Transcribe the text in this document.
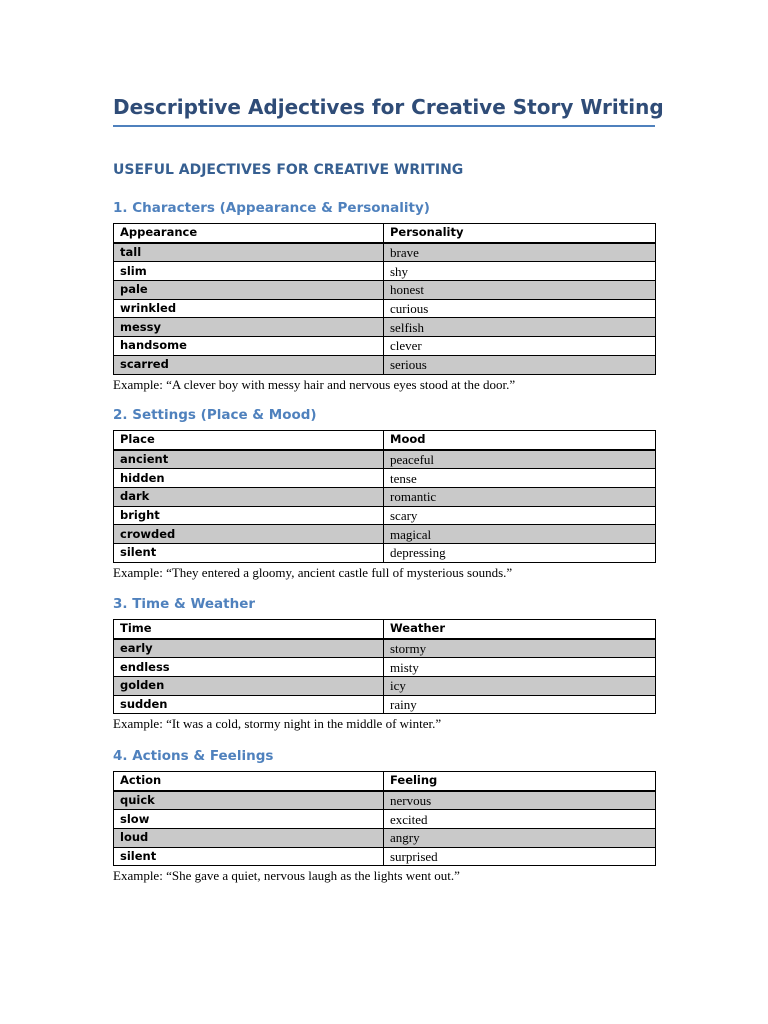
Descriptive Adjectives for Creative Story Writing
USEFUL ADJECTIVES FOR CREATIVE WRITING
1. Characters (Appearance & Personality)
Appearance	Personality
tall	brave
slim	shy
pale	honest
wrinkled	curious
messy	selfish
handsome	clever
scarred	serious

Example: “A clever boy with messy hair and nervous eyes stood at the door.”

2. Settings (Place & Mood)
Place	Mood
ancient	peaceful
hidden	tense
dark	romantic
bright	scary
crowded	magical
silent	depressing

Example: “They entered a gloomy, ancient castle full of mysterious sounds.”

3. Time & Weather
Time	Weather
early	stormy
endless	misty
golden	icy
sudden	rainy

Example: “It was a cold, stormy night in the middle of winter.”

4. Actions & Feelings
Action	Feeling
quick	nervous
slow	excited
loud	angry
silent	surprised

Example: “She gave a quiet, nervous laugh as the lights went out.”
